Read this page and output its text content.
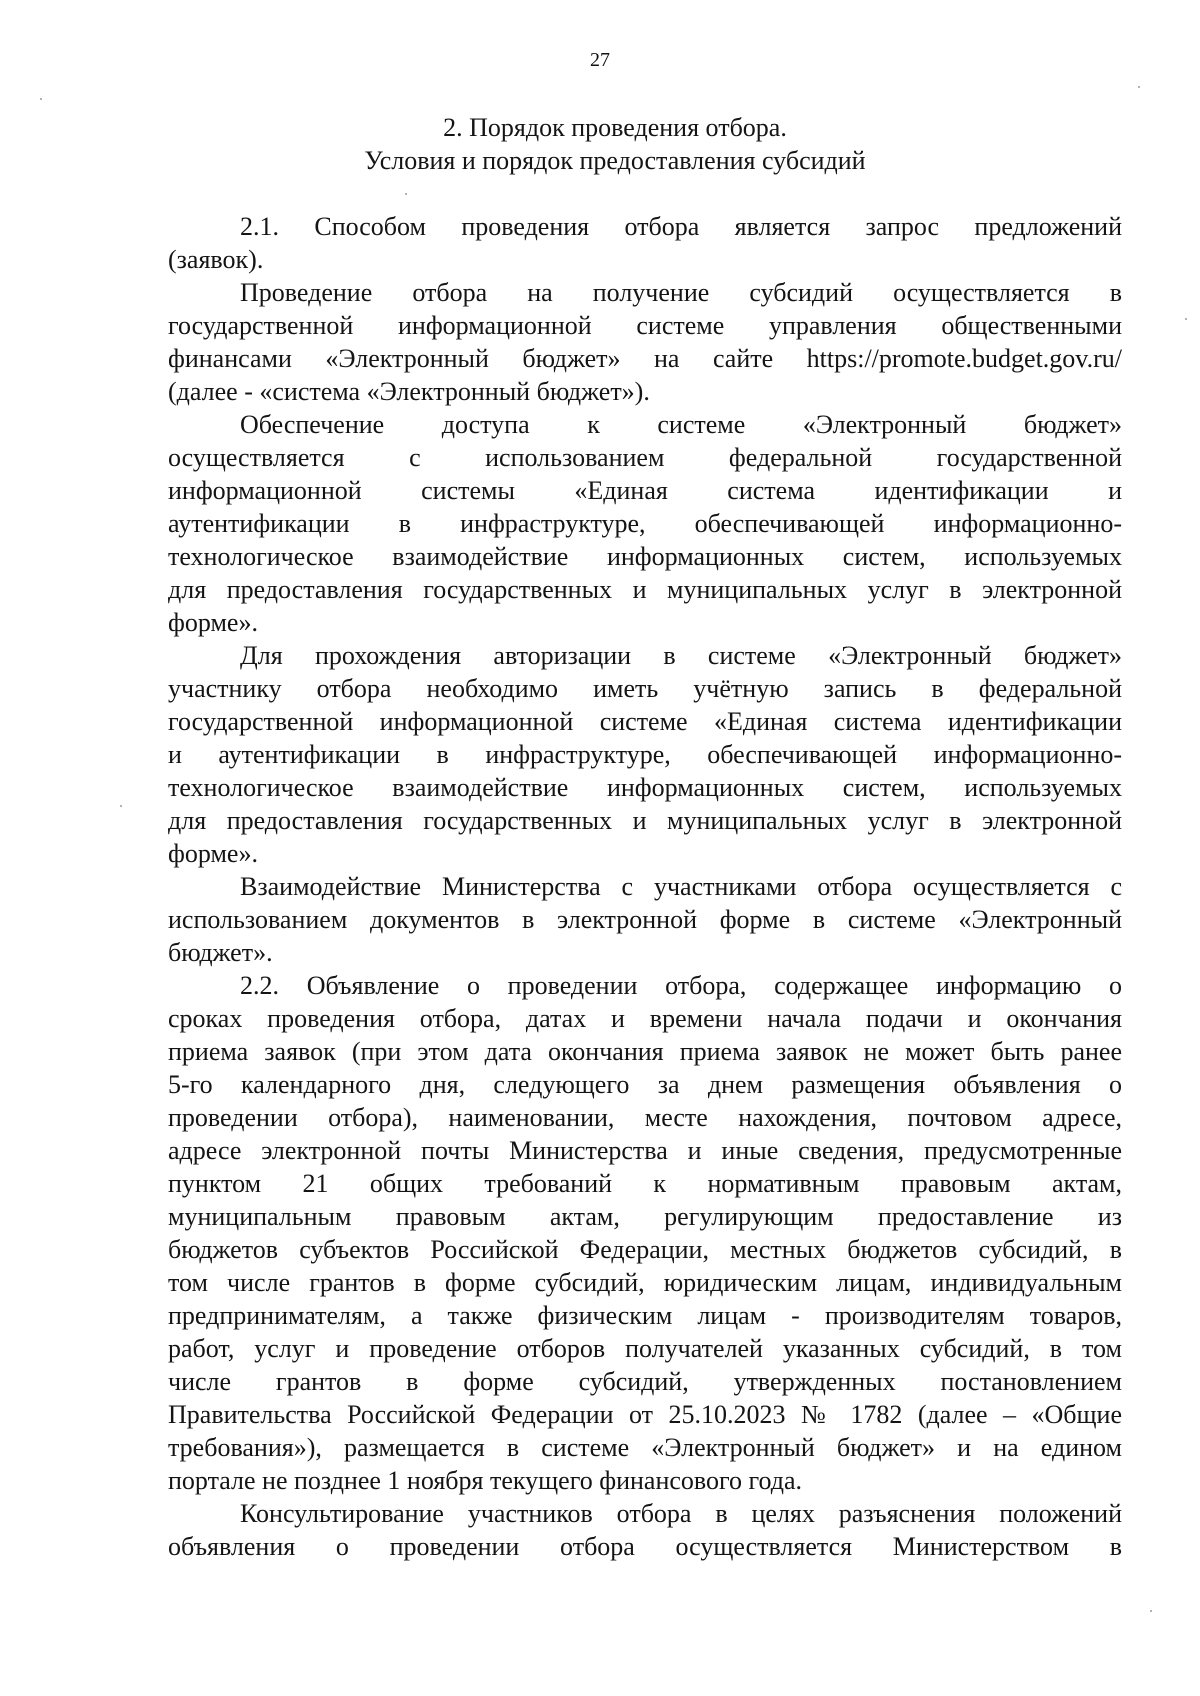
27
2. Порядок проведения отбора.
Условия и порядок предоставления субсидий
2.1. Способом проведения отбора является запрос предложений
(заявок).
Проведение отбора на получение субсидий осуществляется в
государственной информационной системе управления общественными
финансами «Электронный бюджет» на сайте https://promote.budget.gov.ru/
(далее - «система «Электронный бюджет»).
Обеспечение доступа к системе «Электронный бюджет»
осуществляется с использованием федеральной государственной
информационной системы «Единая система идентификации и
аутентификации в инфраструктуре, обеспечивающей информационно-
технологическое взаимодействие информационных систем, используемых
для предоставления государственных и муниципальных услуг в электронной
форме».
Для прохождения авторизации в системе «Электронный бюджет»
участнику отбора необходимо иметь учётную запись в федеральной
государственной информационной системе «Единая система идентификации
и аутентификации в инфраструктуре, обеспечивающей информационно-
технологическое взаимодействие информационных систем, используемых
для предоставления государственных и муниципальных услуг в электронной
форме».
Взаимодействие Министерства с участниками отбора осуществляется с
использованием документов в электронной форме в системе «Электронный
бюджет».
2.2. Объявление о проведении отбора, содержащее информацию о
сроках проведения отбора, датах и времени начала подачи и окончания
приема заявок (при этом дата окончания приема заявок не может быть ранее
5-го календарного дня, следующего за днем размещения объявления о
проведении отбора), наименовании, месте нахождения, почтовом адресе,
адресе электронной почты Министерства и иные сведения, предусмотренные
пунктом 21 общих требований к нормативным правовым актам,
муниципальным правовым актам, регулирующим предоставление из
бюджетов субъектов Российской Федерации, местных бюджетов субсидий, в
том числе грантов в форме субсидий, юридическим лицам, индивидуальным
предпринимателям, а также физическим лицам - производителям товаров,
работ, услуг и проведение отборов получателей указанных субсидий, в том
числе грантов в форме субсидий, утвержденных постановлением
Правительства Российской Федерации от 25.10.2023 № 1782 (далее – «Общие
требования»), размещается в системе «Электронный бюджет» и на едином
портале не позднее 1 ноября текущего финансового года.
Консультирование участников отбора в целях разъяснения положений
объявления о проведении отбора осуществляется Министерством в
